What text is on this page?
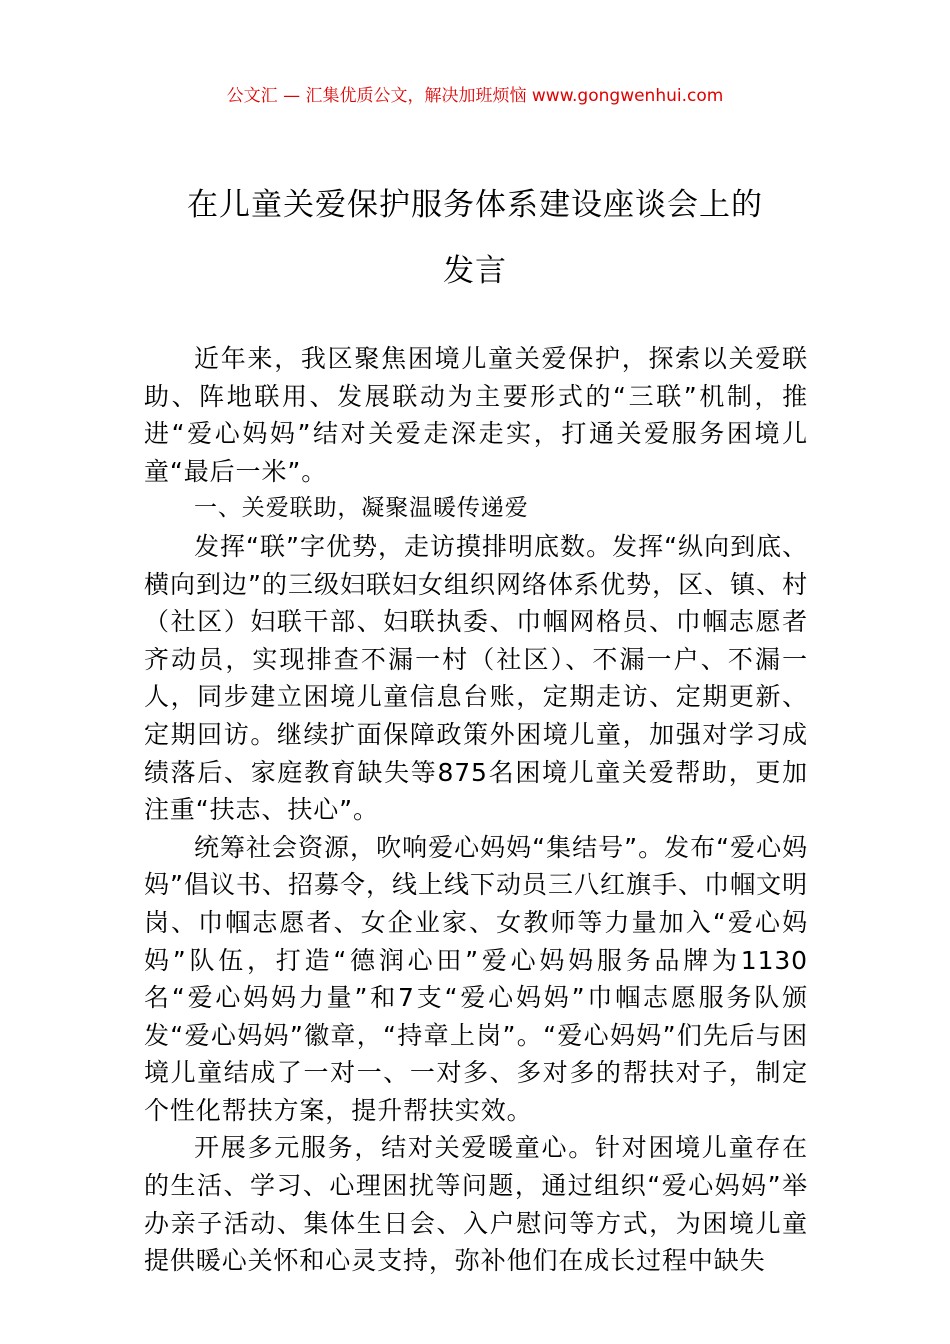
公文汇 — 汇集优质公文，解决加班烦恼 www.gongwenhui.com
在儿童关爱保护服务体系建设座谈会上的
发言

近年来，我区聚焦困境儿童关爱保护，探索以关爱联助、阵地联用、发展联动为主要形式的“三联”机制，推进“爱心妈妈”结对关爱走深走实，打通关爱服务困境儿童“最后一米”。

一、关爱联助，凝聚温暖传递爱

发挥“联”字优势，走访摸排明底数。发挥“纵向到底、横向到边”的三级妇联妇女组织网络体系优势，区、镇、村（社区）妇联干部、妇联执委、巾帼网格员、巾帼志愿者齐动员，实现排查不漏一村（社区）、不漏一户、不漏一人，同步建立困境儿童信息台账，定期走访、定期更新、定期回访。继续扩面保障政策外困境儿童，加强对学习成绩落后、家庭教育缺失等875名困境儿童关爱帮助，更加注重“扶志、扶心”。

统筹社会资源，吹响爱心妈妈“集结号”。发布“爱心妈妈”倡议书、招募令，线上线下动员三八红旗手、巾帼文明岗、巾帼志愿者、女企业家、女教师等力量加入“爱心妈妈”队伍，打造“德润心田”爱心妈妈服务品牌为1130名“爱心妈妈力量”和7支“爱心妈妈”巾帼志愿服务队颁发“爱心妈妈”徽章，“持章上岗”。“爱心妈妈”们先后与困境儿童结成了一对一、一对多、多对多的帮扶对子，制定个性化帮扶方案，提升帮扶实效。

开展多元服务，结对关爱暖童心。针对困境儿童存在的生活、学习、心理困扰等问题，通过组织“爱心妈妈”举办亲子活动、集体生日会、入户慰问等方式，为困境儿童提供暖心关怀和心灵支持，弥补他们在成长过程中缺失
